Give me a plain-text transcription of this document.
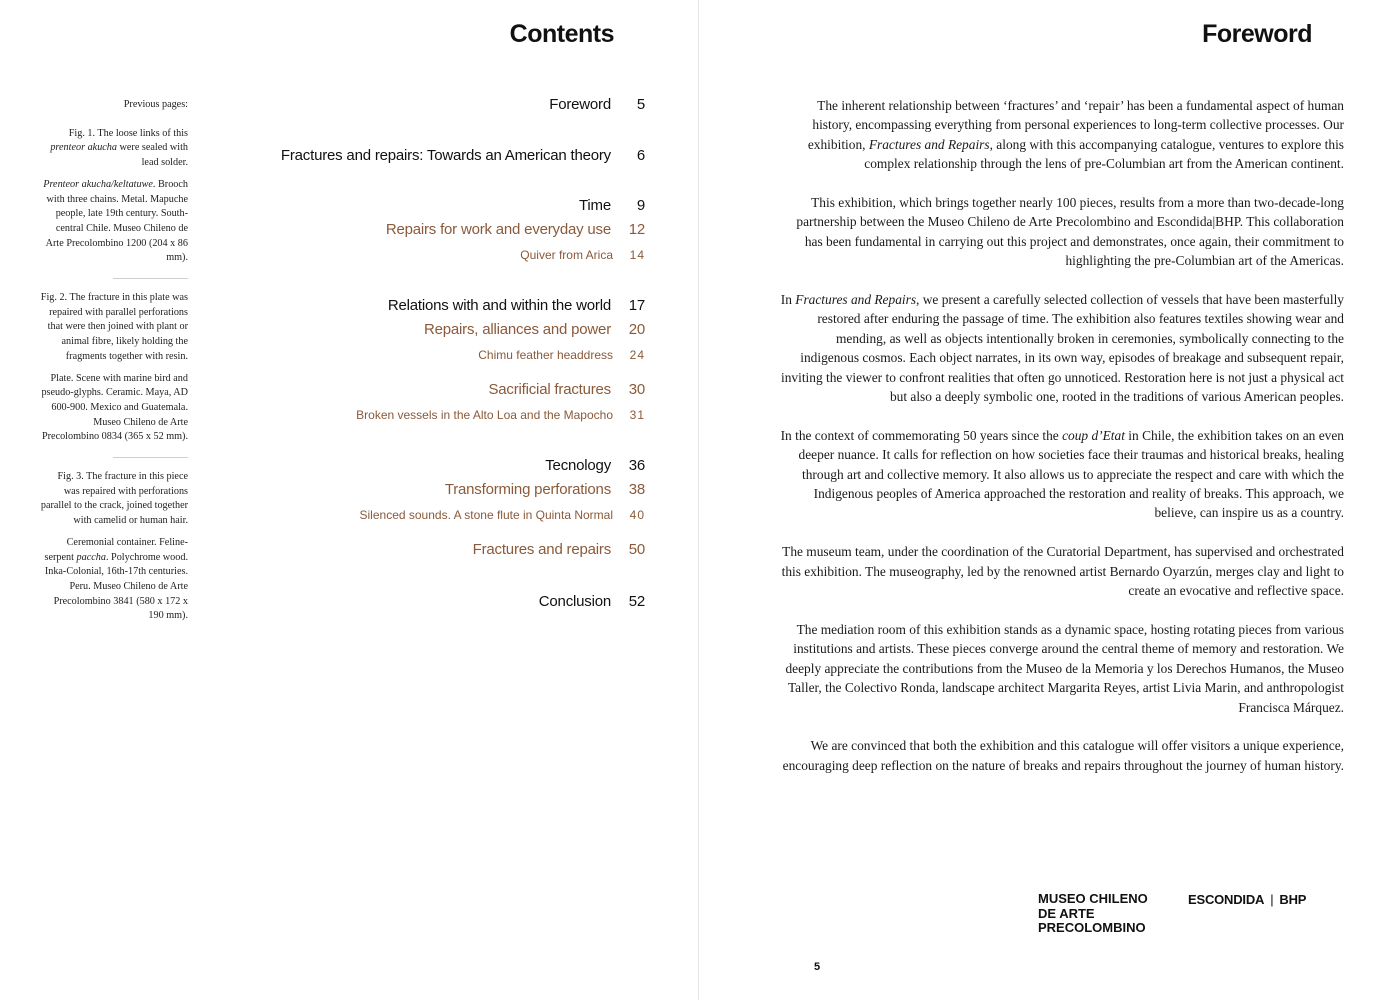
Contents
Previous pages:
Fig. 1. The loose links of this prenteor akucha were sealed with lead solder.
Prenteor akucha/keltatuwe. Brooch with three chains. Metal. Mapuche people, late 19th century. South-central Chile. Museo Chileno de Arte Precolombino 1200 (204 x 86 mm).
Fig. 2. The fracture in this plate was repaired with parallel perforations that were then joined with plant or animal fibre, likely holding the fragments together with resin.
Plate. Scene with marine bird and pseudo-glyphs. Ceramic. Maya, AD 600-900. Mexico and Guatemala. Museo Chileno de Arte Precolombino 0834 (365 x 52 mm).
Fig. 3. The fracture in this piece was repaired with perforations parallel to the crack, joined together with camelid or human hair.
Ceremonial container. Feline-serpent paccha. Polychrome wood. Inka-Colonial, 16th-17th centuries. Peru. Museo Chileno de Arte Precolombino 3841 (580 x 172 x 190 mm).
Foreword	5
Fractures and repairs: Towards an American theory	6
Time	9
Repairs for work and everyday use	12
Quiver from Arica	14
Relations with and within the world	17
Repairs, alliances and power	20
Chimu feather headdress	24
Sacrificial fractures	30
Broken vessels in the Alto Loa and the Mapocho	31
Tecnology	36
Transforming perforations	38
Silenced sounds. A stone flute in Quinta Normal	40
Fractures and repairs	50
Conclusion	52
Foreword

The inherent relationship between ‘fractures’ and ‘repair’ has been a fundamental aspect of human history, encompassing everything from personal experiences to long-term collective processes. Our exhibition, Fractures and Repairs, along with this accompanying catalogue, ventures to explore this complex relationship through the lens of pre-Columbian art from the American continent.

This exhibition, which brings together nearly 100 pieces, results from a more than two-decade-long partnership between the Museo Chileno de Arte Precolombino and Escondida|BHP. This collaboration has been fundamental in carrying out this project and demonstrates, once again, their commitment to highlighting the pre-Columbian art of the Americas.

In Fractures and Repairs, we present a carefully selected collection of vessels that have been masterfully restored after enduring the passage of time. The exhibition also features textiles showing wear and mending, as well as objects intentionally broken in ceremonies, symbolically connecting to the indigenous cosmos. Each object narrates, in its own way, episodes of breakage and subsequent repair, inviting the viewer to confront realities that often go unnoticed. Restoration here is not just a physical act but also a deeply symbolic one, rooted in the traditions of various American peoples.

In the context of commemorating 50 years since the coup d’Etat in Chile, the exhibition takes on an even deeper nuance. It calls for reflection on how societies face their traumas and historical breaks, healing through art and collective memory. It also allows us to appreciate the respect and care with which the Indigenous peoples of America approached the restoration and reality of breaks. This approach, we believe, can inspire us as a country.

The museum team, under the coordination of the Curatorial Department, has supervised and orchestrated this exhibition. The museography, led by the renowned artist Bernardo Oyarzún, merges clay and light to create an evocative and reflective space.

The mediation room of this exhibition stands as a dynamic space, hosting rotating pieces from various institutions and artists. These pieces converge around the central theme of memory and restoration. We deeply appreciate the contributions from the Museo de la Memoria y los Derechos Humanos, the Museo Taller, the Colectivo Ronda, landscape architect Margarita Reyes, artist Livia Marin, and anthropologist Francisca Márquez.

We are convinced that both the exhibition and this catalogue will offer visitors a unique experience, encouraging deep reflection on the nature of breaks and repairs throughout the journey of human history.

MUSEO CHILENO
DE ARTE
PRECOLOMBINO
ESCONDIDA | BHP
5
